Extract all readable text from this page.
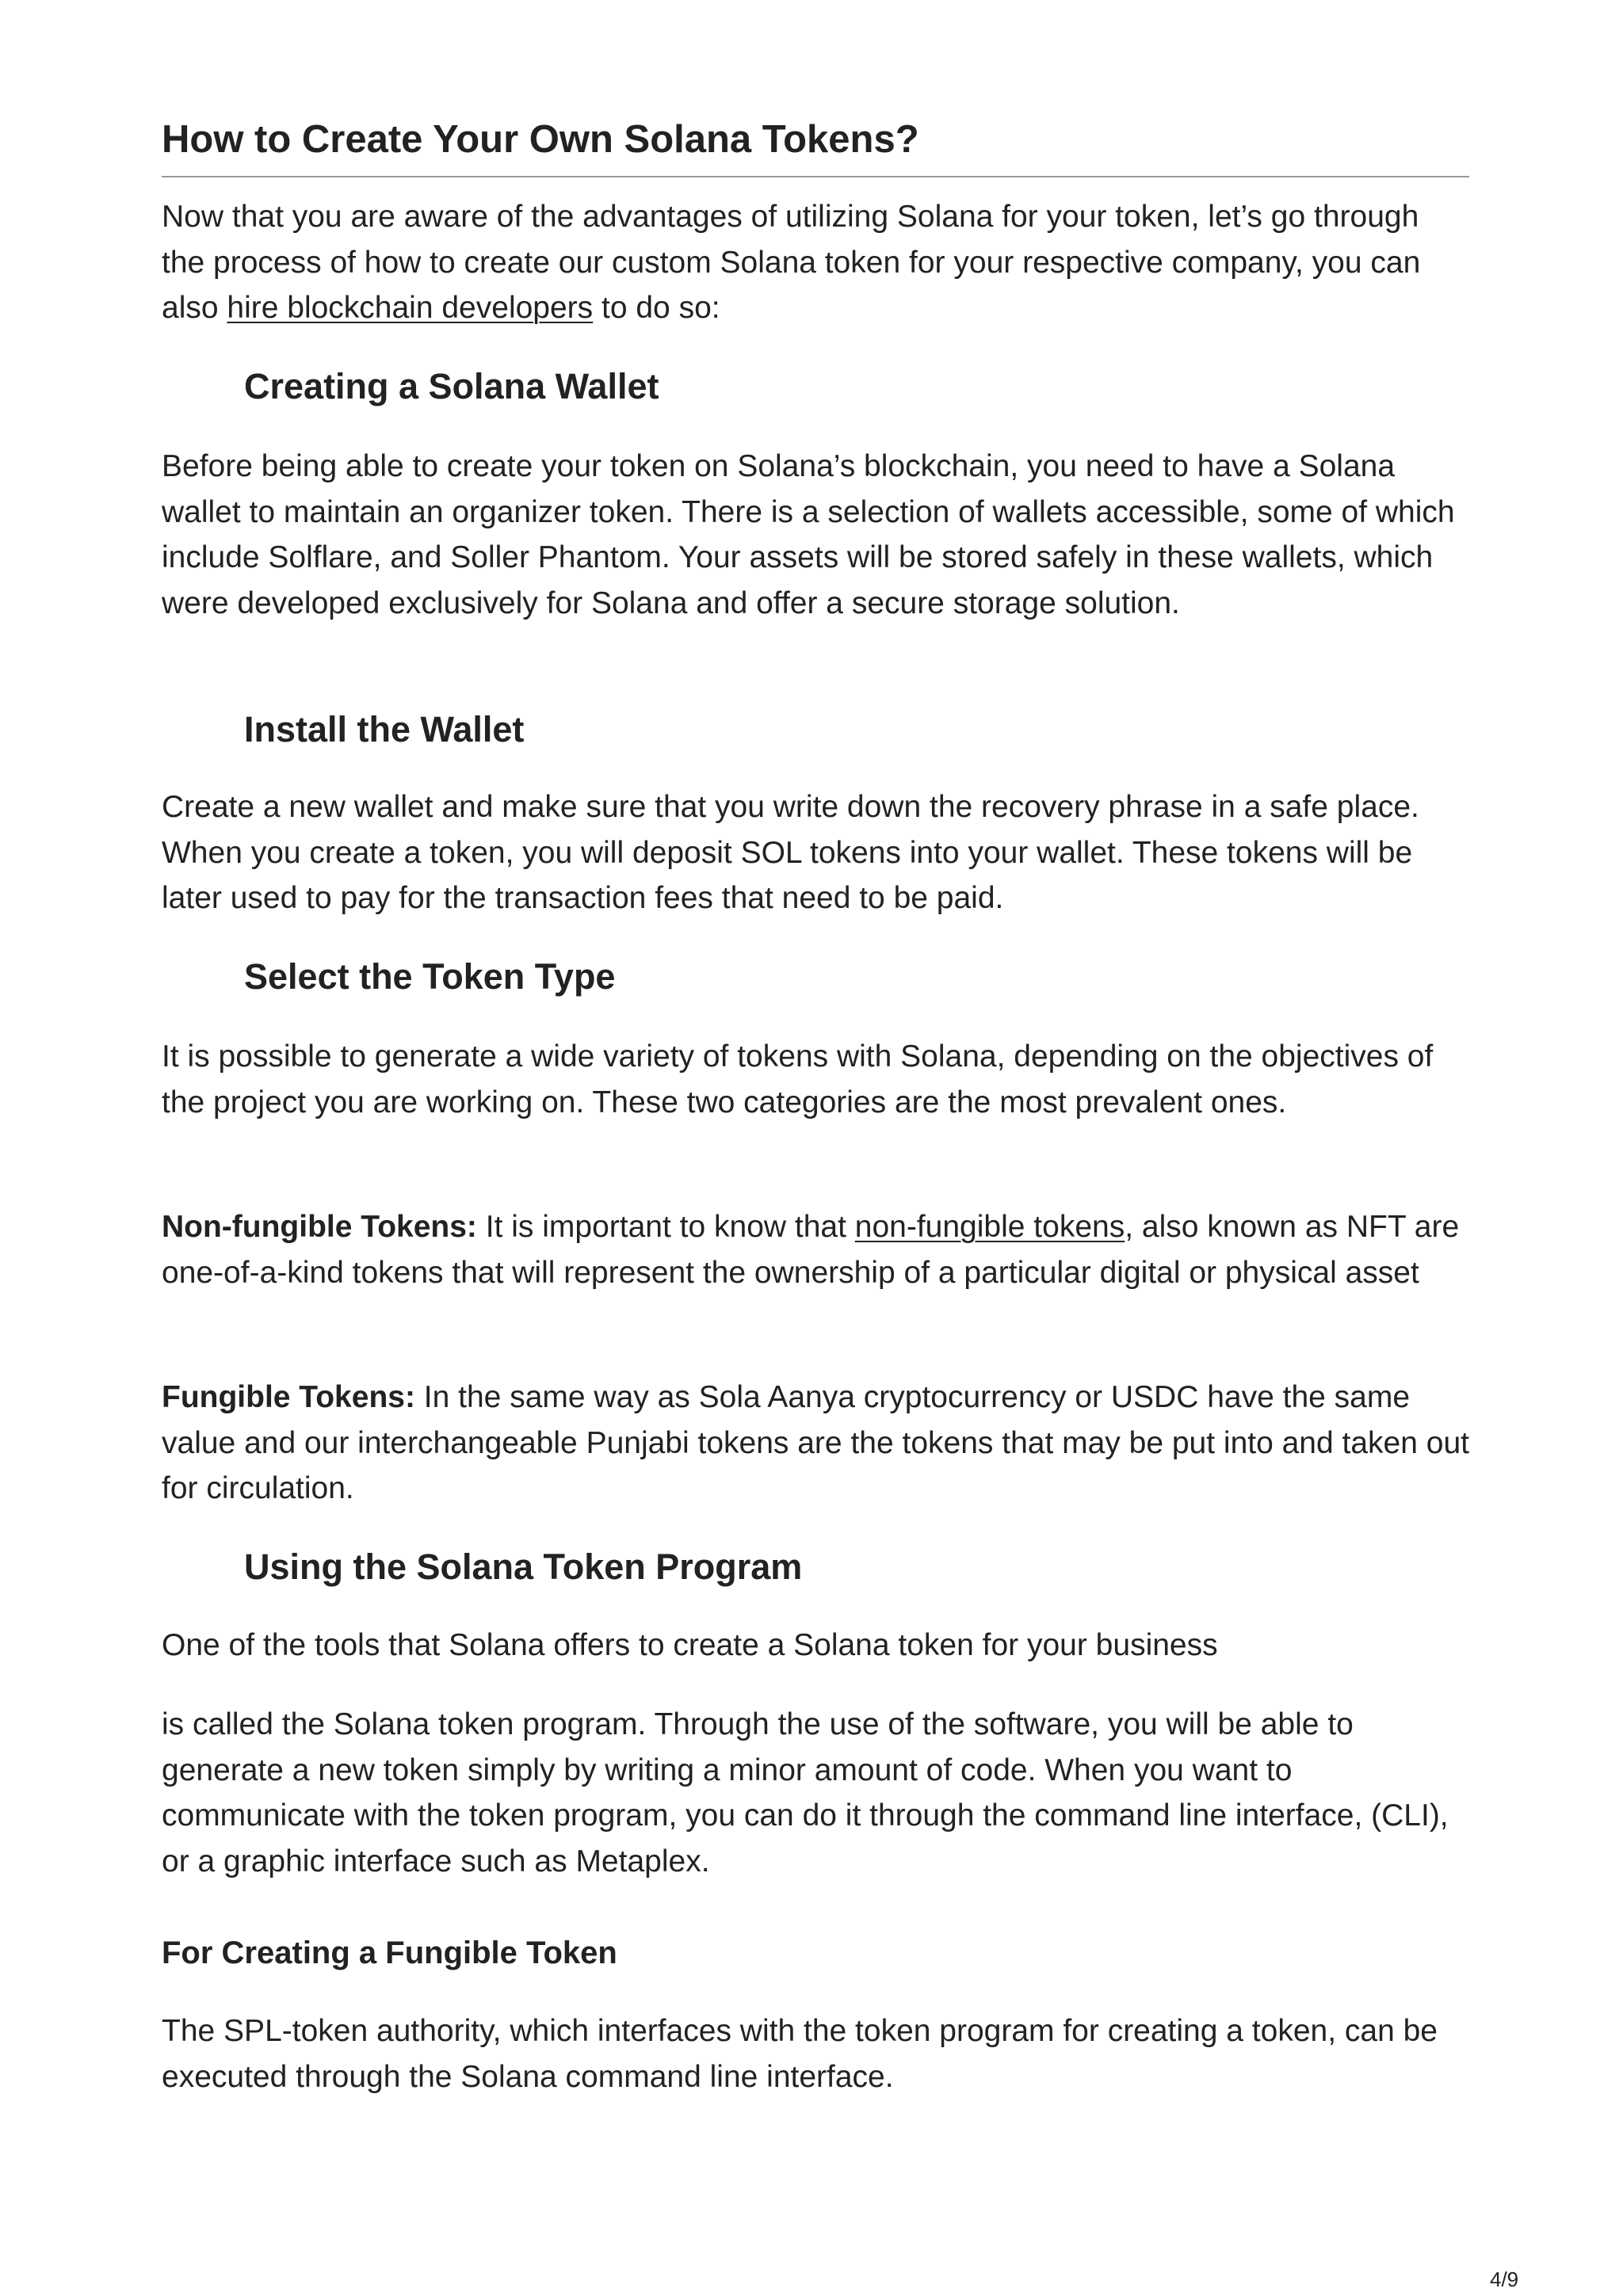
How to Create Your Own Solana Tokens?

Now that you are aware of the advantages of utilizing Solana for your token, let’s go through the process of how to create our custom Solana token for your respective company, you can also hire blockchain developers to do so:

Creating a Solana Wallet

Before being able to create your token on Solana’s blockchain, you need to have a Solana wallet to maintain an organizer token. There is a selection of wallets accessible, some of which include Solflare, and Soller Phantom. Your assets will be stored safely in these wallets, which were developed exclusively for Solana and offer a secure storage solution.

Install the Wallet

Create a new wallet and make sure that you write down the recovery phrase in a safe place. When you create a token, you will deposit SOL tokens into your wallet. These tokens will be later used to pay for the transaction fees that need to be paid.

Select the Token Type

It is possible to generate a wide variety of tokens with Solana, depending on the objectives of the project you are working on. These two categories are the most prevalent ones.

Non-fungible Tokens: It is important to know that non-fungible tokens, also known as NFT are one-of-a-kind tokens that will represent the ownership of a particular digital or physical asset

Fungible Tokens: In the same way as Sola Aanya cryptocurrency or USDC have the same value and our interchangeable Punjabi tokens are the tokens that may be put into and taken out for circulation.

Using the Solana Token Program

One of the tools that Solana offers to create a Solana token for your business

is called the Solana token program. Through the use of the software, you will be able to generate a new token simply by writing a minor amount of code. When you want to communicate with the token program, you can do it through the command line interface, (CLI), or a graphic interface such as Metaplex.

For Creating a Fungible Token

The SPL-token authority, which interfaces with the token program for creating a token, can be executed through the Solana command line interface.

4/9
